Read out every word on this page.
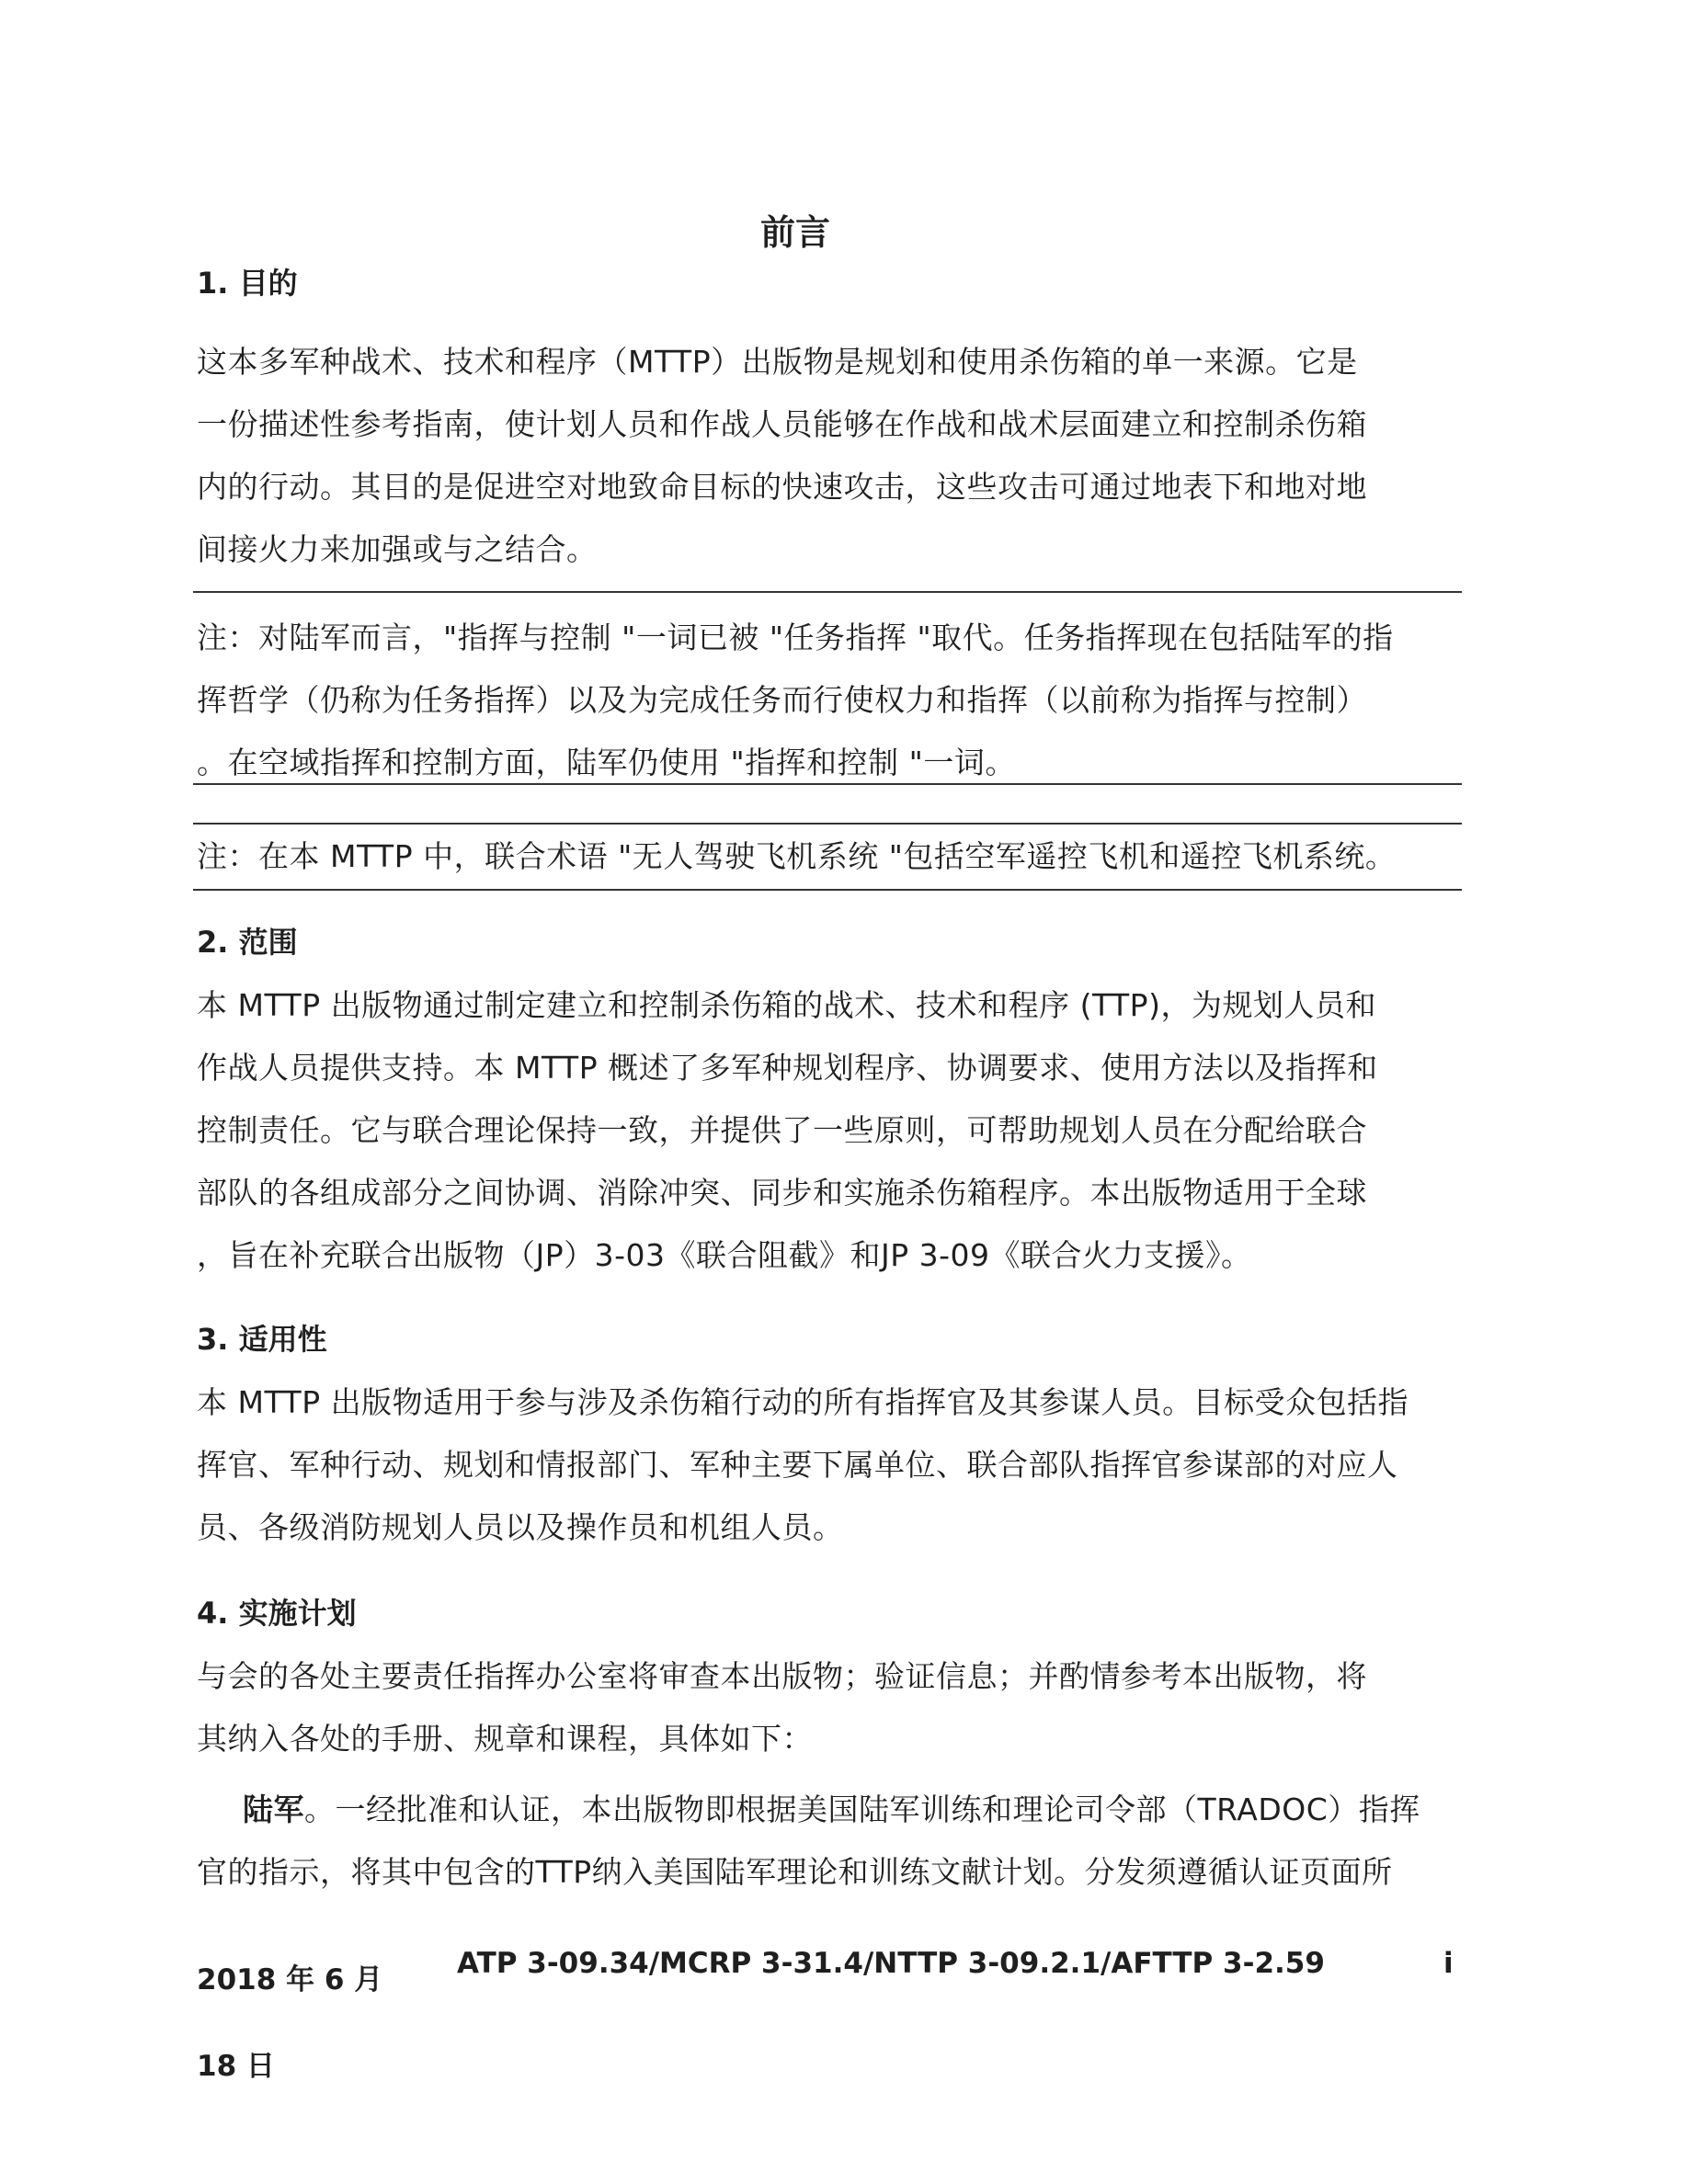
前言
1. 目的
这本多军种战术、技术和程序（MTTP）出版物是规划和使用杀伤箱的单一来源。它是
一份描述性参考指南，使计划人员和作战人员能够在作战和战术层面建立和控制杀伤箱
内的行动。其目的是促进空对地致命目标的快速攻击，这些攻击可通过地表下和地对地
间接火力来加强或与之结合。
注：对陆军而言，"指挥与控制 "一词已被 "任务指挥 "取代。任务指挥现在包括陆军的指
挥哲学（仍称为任务指挥）以及为完成任务而行使权力和指挥（以前称为指挥与控制）
。在空域指挥和控制方面，陆军仍使用 "指挥和控制 "一词。
注：在本 MTTP 中，联合术语 "无人驾驶飞机系统 "包括空军遥控飞机和遥控飞机系统。
2. 范围
本 MTTP 出版物通过制定建立和控制杀伤箱的战术、技术和程序 (TTP)，为规划人员和
作战人员提供支持。本 MTTP 概述了多军种规划程序、协调要求、使用方法以及指挥和
控制责任。它与联合理论保持一致，并提供了一些原则，可帮助规划人员在分配给联合
部队的各组成部分之间协调、消除冲突、同步和实施杀伤箱程序。本出版物适用于全球
，旨在补充联合出版物（JP）3-03《联合阻截》和JP 3-09《联合火力支援》。
3. 适用性
本 MTTP 出版物适用于参与涉及杀伤箱行动的所有指挥官及其参谋人员。目标受众包括指
挥官、军种行动、规划和情报部门、军种主要下属单位、联合部队指挥官参谋部的对应人
员、各级消防规划人员以及操作员和机组人员。
4. 实施计划
与会的各处主要责任指挥办公室将审查本出版物；验证信息；并酌情参考本出版物，将
其纳入各处的手册、规章和课程，具体如下：
陆军。一经批准和认证，本出版物即根据美国陆军训练和理论司令部（TRADOC）指挥
官的指示，将其中包含的TTP纳入美国陆军理论和训练文献计划。分发须遵循认证页面所
2018 年 6 月
18 日
ATP 3-09.34/MCRP 3-31.4/NTTP 3-09.2.1/AFTTP 3-2.59	i
